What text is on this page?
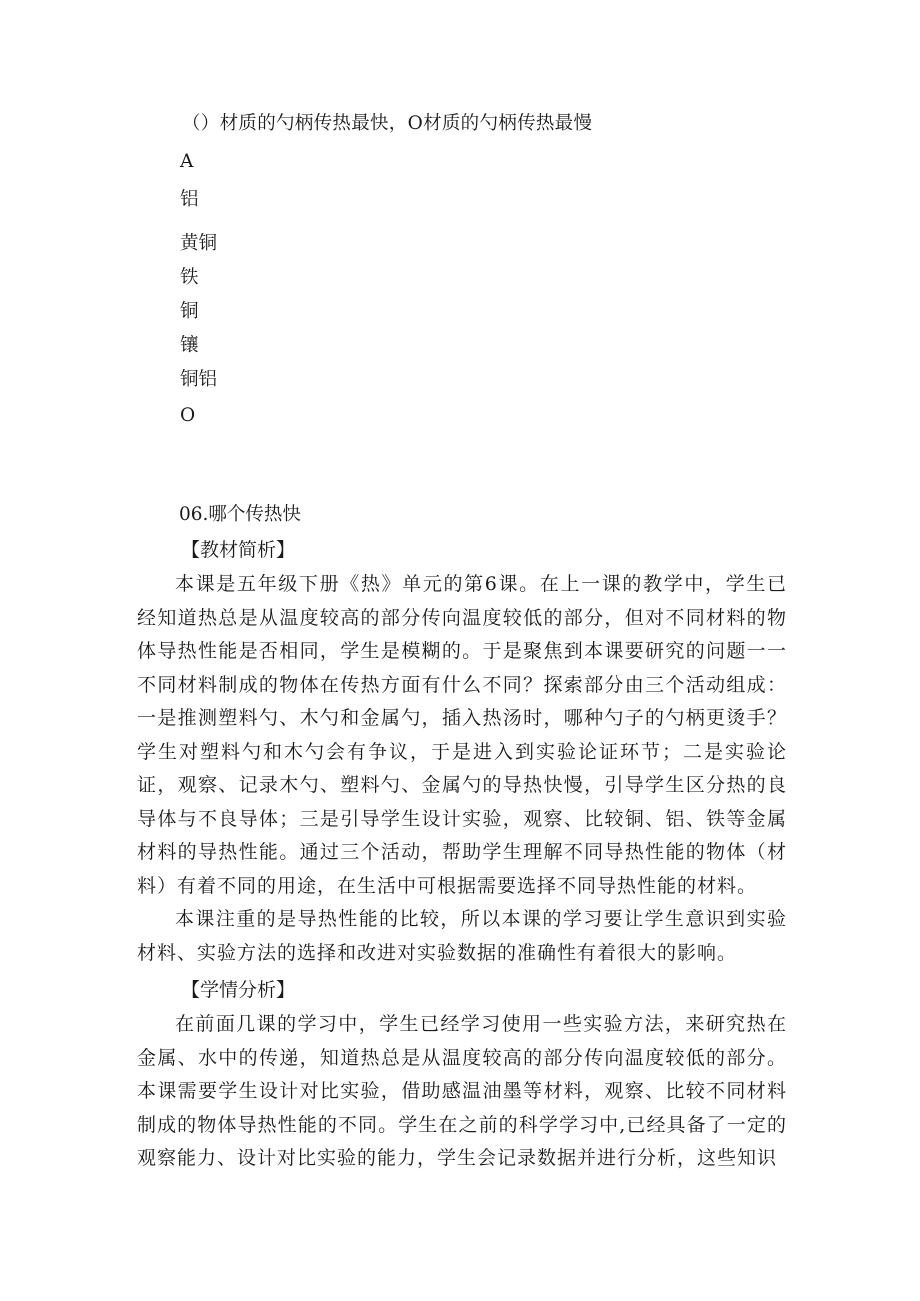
（）材质的勺柄传热最快，O材质的勺柄传热最慢
A
铝
黄铜
铁
铜
镶
铜铝
O
06.哪个传热快
【教材简析】

本课是五年级下册《热》单元的第6课。在上一课的教学中，学生已经知道热总是从温度较高的部分传向温度较低的部分，但对不同材料的物体导热性能是否相同，学生是模糊的。于是聚焦到本课要研究的问题一一不同材料制成的物体在传热方面有什么不同？探索部分由三个活动组成：一是推测塑料勺、木勺和金属勺，插入热汤时，哪种勺子的勺柄更烫手？学生对塑料勺和木勺会有争议，于是进入到实验论证环节；二是实验论证，观察、记录木勺、塑料勺、金属勺的导热快慢，引导学生区分热的良导体与不良导体；三是引导学生设计实验，观察、比较铜、铝、铁等金属材料的导热性能。通过三个活动，帮助学生理解不同导热性能的物体（材料）有着不同的用途，在生活中可根据需要选择不同导热性能的材料。

本课注重的是导热性能的比较，所以本课的学习要让学生意识到实验材料、实验方法的选择和改进对实验数据的准确性有着很大的影响。

【学情分析】

在前面几课的学习中，学生已经学习使用一些实验方法，来研究热在金属、水中的传递，知道热总是从温度较高的部分传向温度较低的部分。本课需要学生设计对比实验，借助感温油墨等材料，观察、比较不同材料制成的物体导热性能的不同。学生在之前的科学学习中,已经具备了一定的观察能力、设计对比实验的能力，学生会记录数据并进行分析，这些知识
